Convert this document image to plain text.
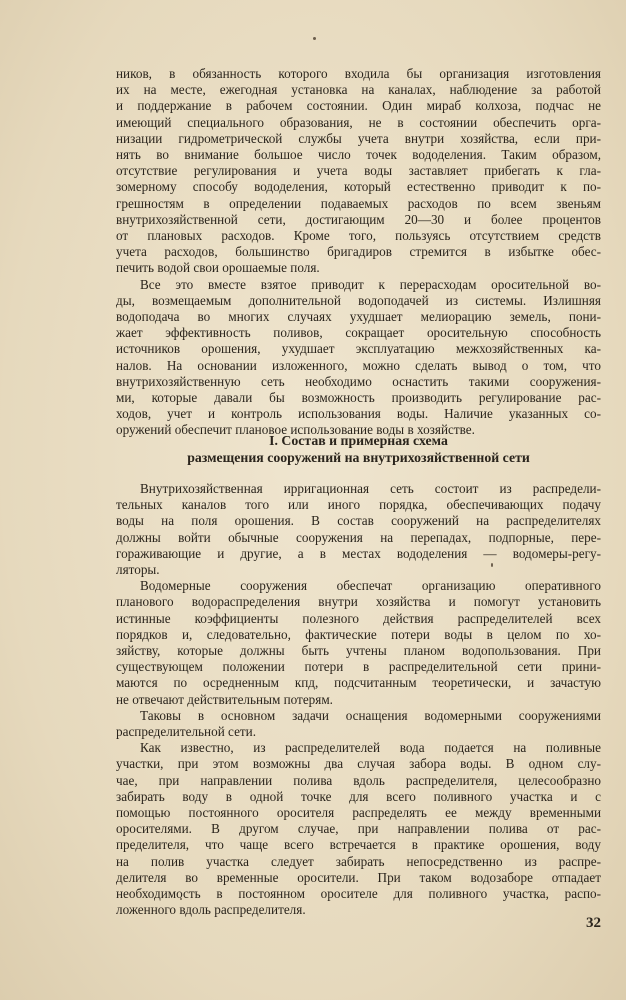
ников, в обязанность которого входила бы организация изготовления
их на месте, ежегодная установка на каналах, наблюдение за работой
и поддержание в рабочем состоянии. Один мираб колхоза, подчас не
имеющий специального образования, не в состоянии обеспечить орга-
низации гидрометрической службы учета внутри хозяйства, если при-
нять во внимание большое число точек вододеления. Таким образом,
отсутствие регулирования и учета воды заставляет прибегать к гла-
зомерному способу вододеления, который естественно приводит к по-
грешностям в определении подаваемых расходов по всем звеньям
внутрихозяйственной сети, достигающим 20—30 и более процентов
от плановых расходов. Кроме того, пользуясь отсутствием средств
учета расходов, большинство бригадиров стремится в избытке обес-
печить водой свои орошаемые поля.

Все это вместе взятое приводит к перерасходам оросительной во-
ды, возмещаемым дополнительной водоподачей из системы. Излишняя
водоподача во многих случаях ухудшает мелиорацию земель, пони-
жает эффективность поливов, сокращает оросительную способность
источников орошения, ухудшает эксплуатацию межхозяйственных ка-
налов. На основании изложенного, можно сделать вывод о том, что
внутрихозяйственную сеть необходимо оснастить такими сооружения-
ми, которые давали бы возможность производить регулирование рас-
ходов, учет и контроль использования воды. Наличие указанных со-
оружений обеспечит плановое использование воды в хозяйстве.

I. Состав и примерная схема
размещения сооружений на внутрихозяйственной сети

Внутрихозяйственная ирригационная сеть состоит из распредели-
тельных каналов того или иного порядка, обеспечивающих подачу
воды на поля орошения. В состав сооружений на распределителях
должны войти обычные сооружения на перепадах, подпорные, пере-
гораживающие и другие, а в местах вододеления — водомеры-регу-
ляторы.

Водомерные сооружения обеспечат организацию оперативного
планового водораспределения внутри хозяйства и помогут установить
истинные коэффициенты полезного действия распределителей всех
порядков и, следовательно, фактические потери воды в целом по хо-
зяйству, которые должны быть учтены планом водопользования. При
существующем положении потери в распределительной сети прини-
маются по осредненным кпд, подсчитанным теоретически, и зачастую
не отвечают действительным потерям.

Таковы в основном задачи оснащения водомерными сооружениями
распределительной сети.

Как известно, из распределителей вода подается на поливные
участки, при этом возможны два случая забора воды. В одном слу-
чае, при направлении полива вдоль распределителя, целесообразно
забирать воду в одной точке для всего поливного участка и с
помощью постоянного оросителя распределять ее между временными
оросителями. В другом случае, при направлении полива от рас-
пределителя, что чаще всего встречается в практике орошения, воду
на полив участка следует забирать непосредственно из распре-
делителя во временные оросители. При таком водозаборе отпадает
необходимость в постоянном оросителе для поливного участка, распо-
ложенного вдоль распределителя.

32
